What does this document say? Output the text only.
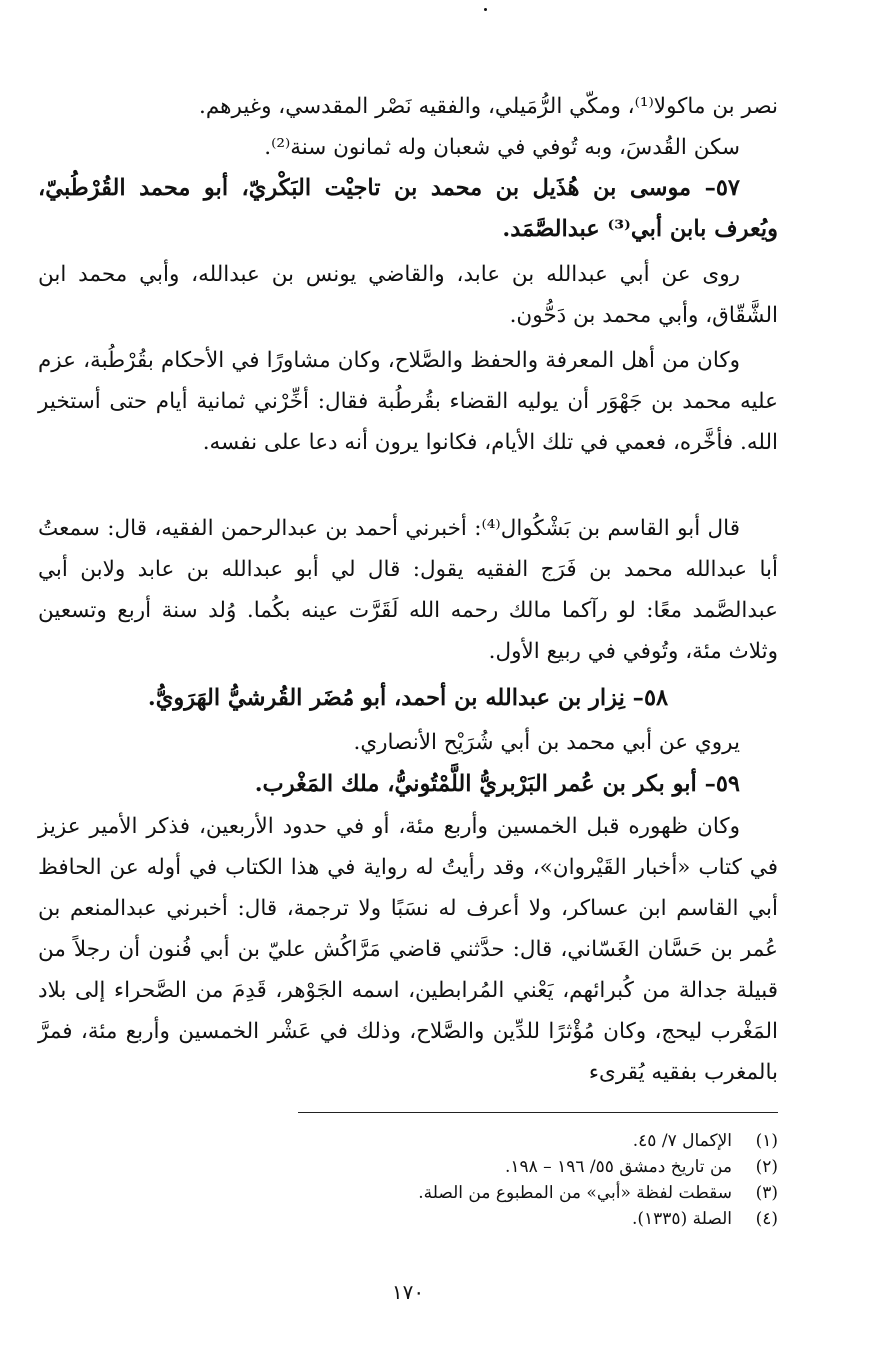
نصر بن ماكولا⁽¹⁾، ومكّي الرُّمَيلي، والفقيه نَصْر المقدسي، وغيرهم.

سكن القُدسَ، وبه تُوفي في شعبان وله ثمانون سنة⁽²⁾.

٥٧– موسى بن هُذَيل بن محمد بن تاجيْت البَكْريّ، أبو محمد القُرْطُبيّ، ويُعرف بابن أبي⁽³⁾ عبدالصَّمَد.

روى عن أبي عبدالله بن عابد، والقاضي يونس بن عبدالله، وأبي محمد ابن الشَّقّاق، وأبي محمد بن دَحُّون.

وكان من أهل المعرفة والحفظ والصَّلاح، وكان مشاورًا في الأحكام بقُرْطُبة، عزم عليه محمد بن جَهْوَر أن يوليه القضاء بقُرطُبة فقال: أخِّرْني ثمانية أيام حتى أستخير الله. فأخَّره، فعمي في تلك الأيام، فكانوا يرون أنه دعا على نفسه.

قال أبو القاسم بن بَشْكُوال⁽⁴⁾: أخبرني أحمد بن عبدالرحمن الفقيه، قال: سمعتُ أبا عبدالله محمد بن فَرَج الفقيه يقول: قال لي أبو عبدالله بن عابد ولابن أبي عبدالصَّمد معًا: لو رآكما مالك رحمه الله لَقَرَّت عينه بكُما. وُلد سنة أربع وتسعين وثلاث مئة، وتُوفي في ربيع الأول.

٥٨– نِزار بن عبدالله بن أحمد، أبو مُضَر القُرشيُّ الهَرَويُّ.

يروي عن أبي محمد بن أبي شُرَيْح الأنصاري.

٥٩– أبو بكر بن عُمر البَرْبريُّ اللَّمْتُونيُّ، ملك المَغْرب.

وكان ظهوره قبل الخمسين وأربع مئة، أو في حدود الأربعين، فذكر الأمير عزيز في كتاب «أخبار القَيْروان»، وقد رأيتُ له رواية في هذا الكتاب في أوله عن الحافظ أبي القاسم ابن عساكر، ولا أعرف له نسَبًا ولا ترجمة، قال: أخبرني عبدالمنعم بن عُمر بن حَسَّان الغَسّاني، قال: حدَّثني قاضي مَرَّاكُش عليّ بن أبي فُنون أن رجلاً من قبيلة جدالة من كُبرائهم، يَعْني المُرابطين، اسمه الجَوْهر، قَدِمَ من الصَّحراء إلى بلاد المَغْرب ليحج، وكان مُؤْثرًا للدِّين والصَّلاح، وذلك في عَشْر الخمسين وأربع مئة، فمرَّ بالمغرب بفقيه يُقرىء

(١)الإكمال ٧/ ٤٥.
(٢)من تاريخ دمشق ٥٥/ ١٩٦ – ١٩٨.
(٣)سقطت لفظة «أبي» من المطبوع من الصلة.
(٤)الصلة (١٣٣٥).
١٧٠
